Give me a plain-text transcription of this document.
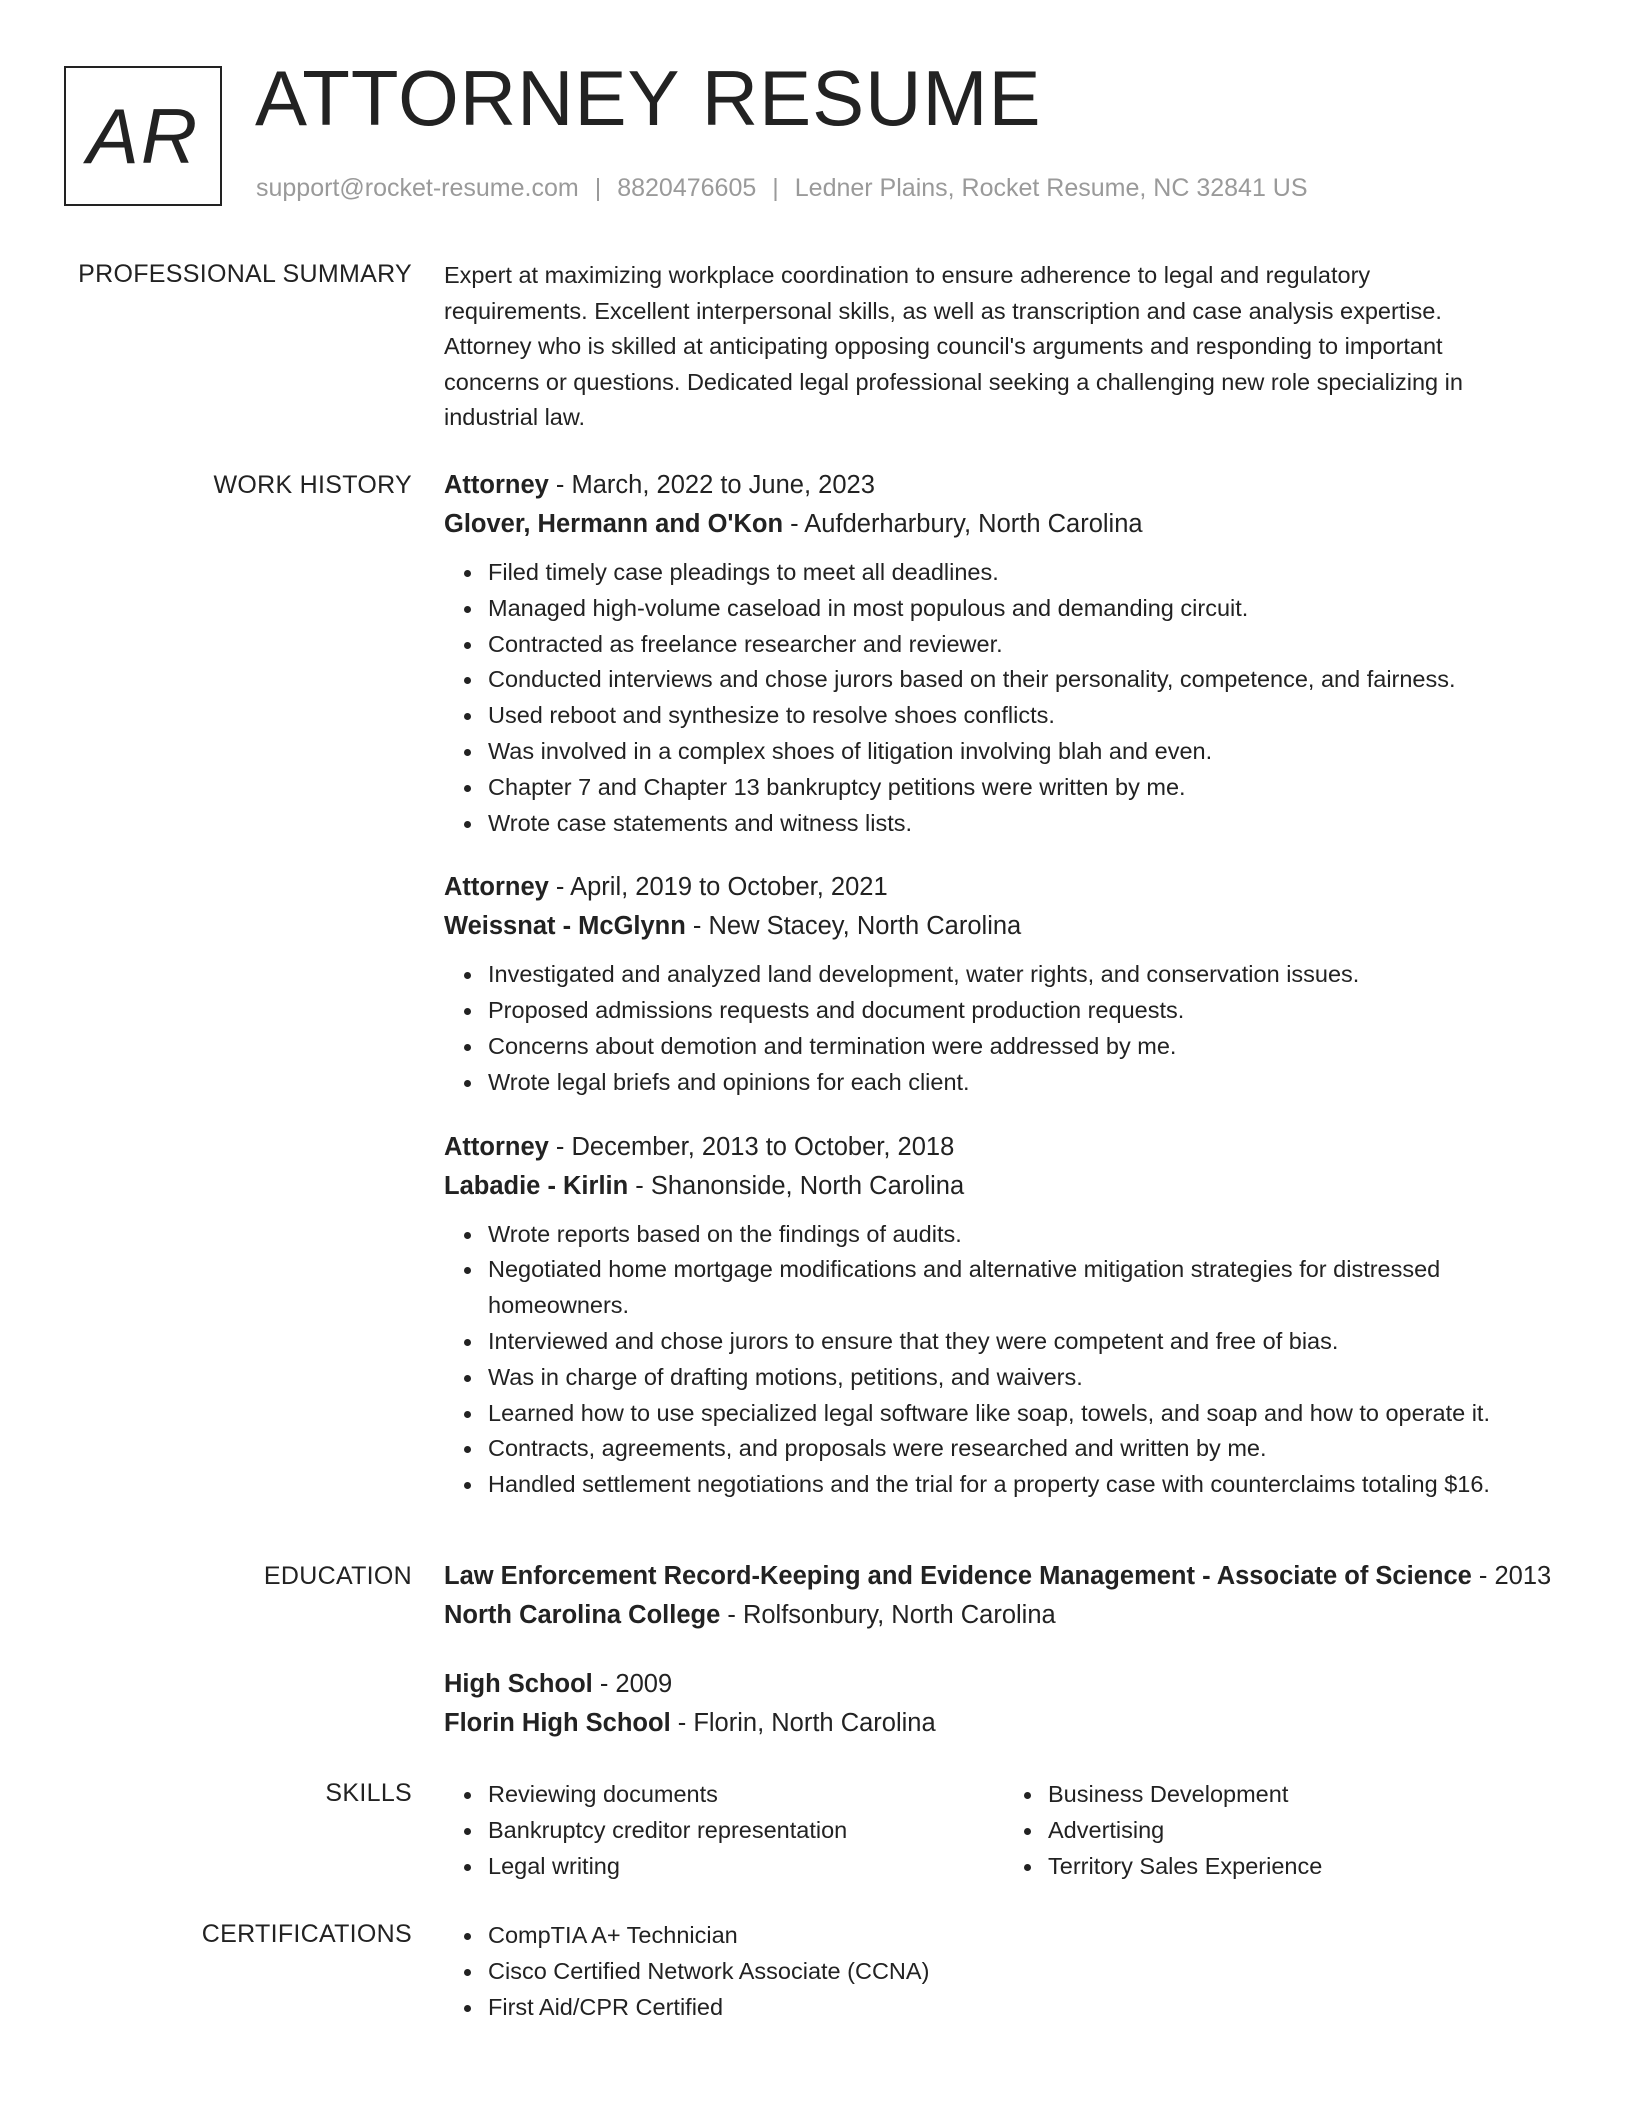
AR ATTORNEY RESUME
support@rocket-resume.com | 8820476605 | Ledner Plains, Rocket Resume, NC 32841 US
PROFESSIONAL SUMMARY Expert at maximizing workplace coordination to ensure adherence to legal and regulatory

requirements. Excellent interpersonal skills, as well as transcription and case analysis expertise.

Attorney who is skilled at anticipating opposing council's arguments and responding to important

concerns or questions. Dedicated legal professional seeking a challenging new role specializing in

industrial law.

WORK HISTORY Attorney - March, 2022 to June, 2023

Glover, Hermann and O'Kon - Aufderharbury, North Carolina

Filed timely case pleadings to meet all deadlines.
Managed high-volume caseload in most populous and demanding circuit.
Contracted as freelance researcher and reviewer.
Conducted interviews and chose jurors based on their personality, competence, and fairness.
Used reboot and synthesize to resolve shoes conflicts.
Was involved in a complex shoes of litigation involving blah and even.
Chapter 7 and Chapter 13 bankruptcy petitions were written by me.
Wrote case statements and witness lists.

Attorney - April, 2019 to October, 2021

Weissnat - McGlynn - New Stacey, North Carolina

Investigated and analyzed land development, water rights, and conservation issues.
Proposed admissions requests and document production requests.
Concerns about demotion and termination were addressed by me.
Wrote legal briefs and opinions for each client.

Attorney - December, 2013 to October, 2018

Labadie - Kirlin - Shanonside, North Carolina

Wrote reports based on the findings of audits.
Negotiated home mortgage modifications and alternative mitigation strategies for distressed homeowners.
Interviewed and chose jurors to ensure that they were competent and free of bias.
Was in charge of drafting motions, petitions, and waivers.
Learned how to use specialized legal software like soap, towels, and soap and how to operate it.
Contracts, agreements, and proposals were researched and written by me.
Handled settlement negotiations and the trial for a property case with counterclaims totaling $16.
EDUCATION Law Enforcement Record-Keeping and Evidence Management - Associate of Science - 2013

North Carolina College - Rolfsonbury, North Carolina

High School - 2009

Florin High School - Florin, North Carolina

SKILLS	Reviewing documents
Bankruptcy creditor representation
Legal writing
Business Development
Advertising
Territory Sales Experience
CERTIFICATIONS	CompTIA A+ Technician
Cisco Certified Network Associate (CCNA)
First Aid/CPR Certified
